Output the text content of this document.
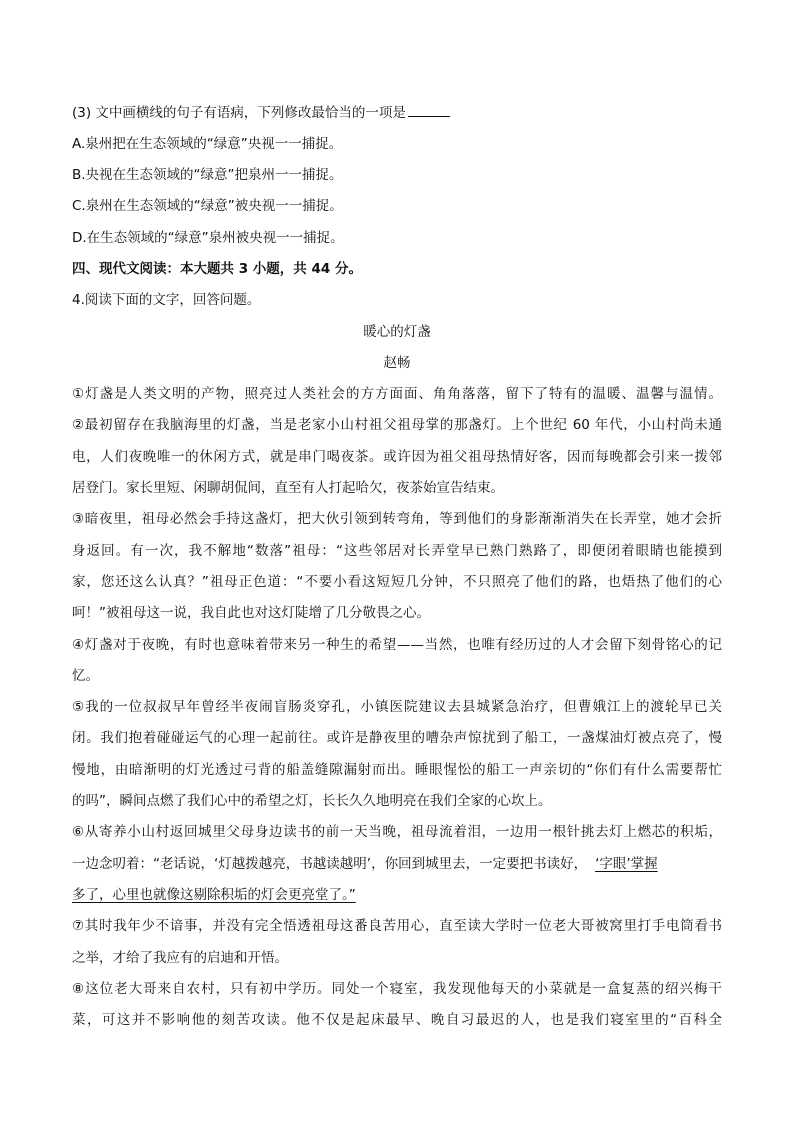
(3) 文中画横线的句子有语病，下列修改最恰当的一项是
A.泉州把在生态领域的“绿意”央视一一捕捉。
B.央视在生态领域的“绿意”把泉州一一捕捉。
C.泉州在生态领域的“绿意”被央视一一捕捉。
D.在生态领域的“绿意”泉州被央视一一捕捉。
四、现代文阅读：本大题共 3 小题，共 44 分。
4.阅读下面的文字，回答问题。
暖心的灯盏
赵畅
①灯盏是人类文明的产物，照亮过人类社会的方方面面、角角落落，留下了特有的温暖、温馨与温情。
②最初留存在我脑海里的灯盏，当是老家小山村祖父祖母掌的那盏灯。上个世纪 60 年代，小山村尚未通
电，人们夜晚唯一的休闲方式，就是串门喝夜茶。或许因为祖父祖母热情好客，因而每晚都会引来一拨邻
居登门。家长里短、闲聊胡侃间，直至有人打起哈欠，夜茶始宣告结束。
③暗夜里，祖母必然会手持这盏灯，把大伙引领到转弯角，等到他们的身影渐渐消失在长弄堂，她才会折
身返回。有一次，我不解地“数落”祖母：“这些邻居对长弄堂早已熟门熟路了，即便闭着眼睛也能摸到
家，您还这么认真？”祖母正色道：“不要小看这短短几分钟，不只照亮了他们的路，也焐热了他们的心
呵！”被祖母这一说，我自此也对这灯陡增了几分敬畏之心。
④灯盏对于夜晚，有时也意味着带来另一种生的希望——当然，也唯有经历过的人才会留下刻骨铭心的记
忆。
⑤我的一位叔叔早年曾经半夜闹盲肠炎穿孔，小镇医院建议去县城紧急治疗，但曹娥江上的渡轮早已关
闭。我们抱着碰碰运气的心理一起前往。或许是静夜里的嘈杂声惊扰到了船工，一盏煤油灯被点亮了，慢
慢地，由暗渐明的灯光透过弓背的船盖缝隙漏射而出。睡眼惺忪的船工一声亲切的“你们有什么需要帮忙
的吗”，瞬间点燃了我们心中的希望之灯，长长久久地明亮在我们全家的心坎上。
⑥从寄养小山村返回城里父母身边读书的前一天当晚，祖母流着泪，一边用一根针挑去灯上燃芯的积垢，
一边念叨着：“老话说，‘灯越拨越亮，书越读越明’，你回到城里去，一定要把书读好， ‘字眼’掌握
多了，心里也就像这剔除积垢的灯会更亮堂了。”
⑦其时我年少不谙事，并没有完全悟透祖母这番良苦用心，直至读大学时一位老大哥被窝里打手电筒看书
之举，才给了我应有的启迪和开悟。
⑧这位老大哥来自农村，只有初中学历。同处一个寝室，我发现他每天的小菜就是一盒复蒸的绍兴梅干
菜，可这并不影响他的刻苦攻读。他不仅是起床最早、晚自习最迟的人，也是我们寝室里的“百科全
